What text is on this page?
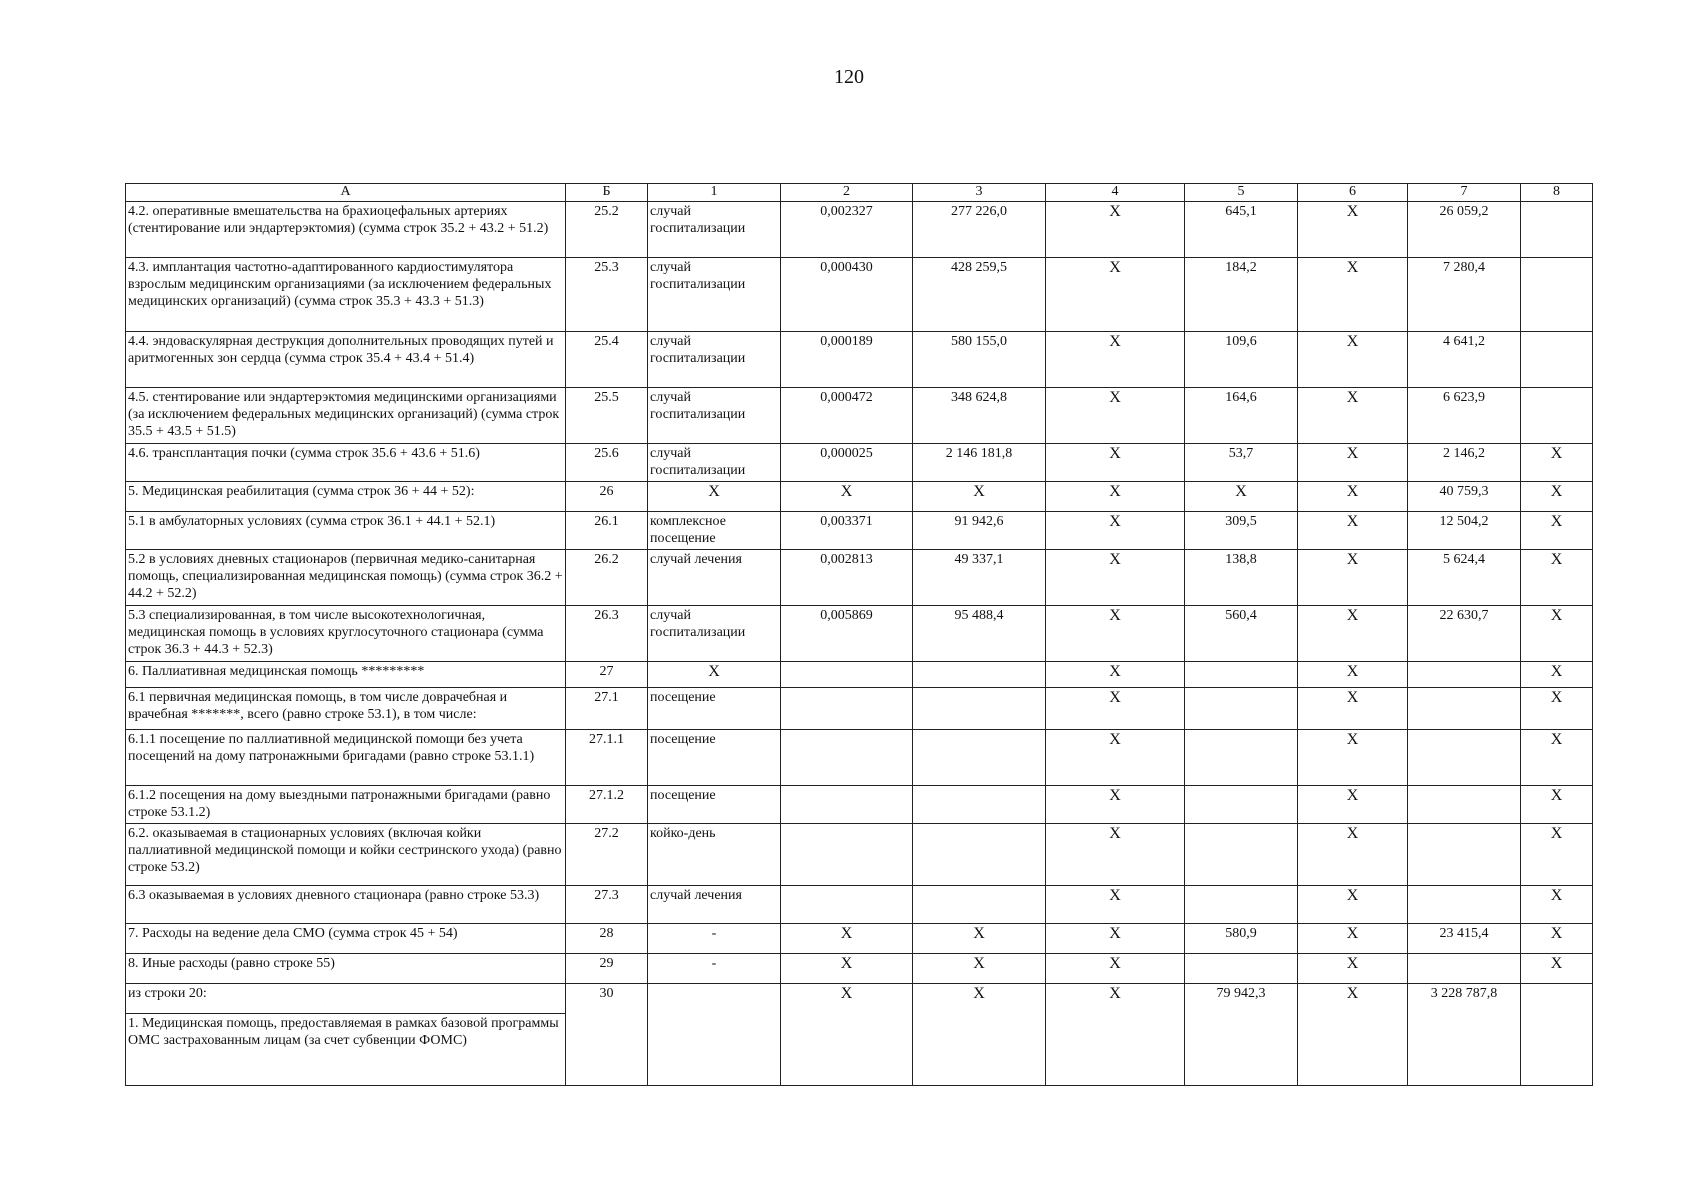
120
А	Б	1	2	3	4	5	6	7	8
4.2. оперативные вмешательства на брахиоцефальных артериях (стентирование или эндартерэктомия) (сумма строк 35.2 + 43.2 + 51.2)	25.2	случай госпитализации	0,002327	277 226,0	X	645,1	X	26 059,2	
4.3. имплантация частотно-адаптированного кардиостимулятора взрослым медицинским организациями (за исключением федеральных медицинских организаций) (сумма строк 35.3 + 43.3 + 51.3)	25.3	случай госпитализации	0,000430	428 259,5	X	184,2	X	7 280,4	
4.4. эндоваскулярная деструкция дополнительных проводящих путей и аритмогенных зон сердца (сумма строк 35.4 + 43.4 + 51.4)	25.4	случай госпитализации	0,000189	580 155,0	X	109,6	X	4 641,2	
4.5. стентирование или эндартерэктомия медицинскими организациями (за исключением федеральных медицинских организаций) (сумма строк 35.5 + 43.5 + 51.5)	25.5	случай госпитализации	0,000472	348 624,8	X	164,6	X	6 623,9	
4.6. трансплантация почки (сумма строк 35.6 + 43.6 + 51.6)	25.6	случай госпитализации	0,000025	2 146 181,8	X	53,7	X	2 146,2	X
5. Медицинская реабилитация (сумма строк 36 + 44 + 52):	26	X	X	X	X	X	X	40 759,3	X
5.1 в амбулаторных условиях (сумма строк 36.1 + 44.1 + 52.1)	26.1	комплексное посещение	0,003371	91 942,6	X	309,5	X	12 504,2	X
5.2 в условиях дневных стационаров (первичная медико-санитарная помощь, специализированная медицинская помощь) (сумма строк 36.2 + 44.2 + 52.2)	26.2	случай лечения	0,002813	49 337,1	X	138,8	X	5 624,4	X
5.3 специализированная, в том числе высокотехнологичная, медицинская помощь в условиях круглосуточного стационара (сумма строк 36.3 + 44.3 + 52.3)	26.3	случай госпитализации	0,005869	95 488,4	X	560,4	X	22 630,7	X
6. Паллиативная медицинская помощь *********	27	X			X		X		X
6.1 первичная медицинская помощь, в том числе доврачебная и врачебная *******, всего (равно строке 53.1), в том числе:	27.1	посещение			X		X		X
6.1.1 посещение по паллиативной медицинской помощи без учета посещений на дому патронажными бригадами (равно строке 53.1.1)	27.1.1	посещение			X		X		X
6.1.2 посещения на дому выездными патронажными бригадами (равно строке 53.1.2)	27.1.2	посещение			X		X		X
6.2. оказываемая в стационарных условиях (включая койки паллиативной медицинской помощи и койки сестринского ухода) (равно строке 53.2)	27.2	койко-день			X		X		X
6.3 оказываемая в условиях дневного стационара (равно строке 53.3)	27.3	случай лечения			X		X		X
7. Расходы на ведение дела СМО (сумма строк 45 + 54)	28	-	X	X	X	580,9	X	23 415,4	X
8. Иные расходы (равно строке 55)	29	-	X	X	X		X		X
из строки 20:	30		X	X	X	79 942,3	X	3 228 787,8	
1. Медицинская помощь, предоставляемая в рамках базовой программы ОМС застрахованным лицам (за счет субвенции ФОМС)									
